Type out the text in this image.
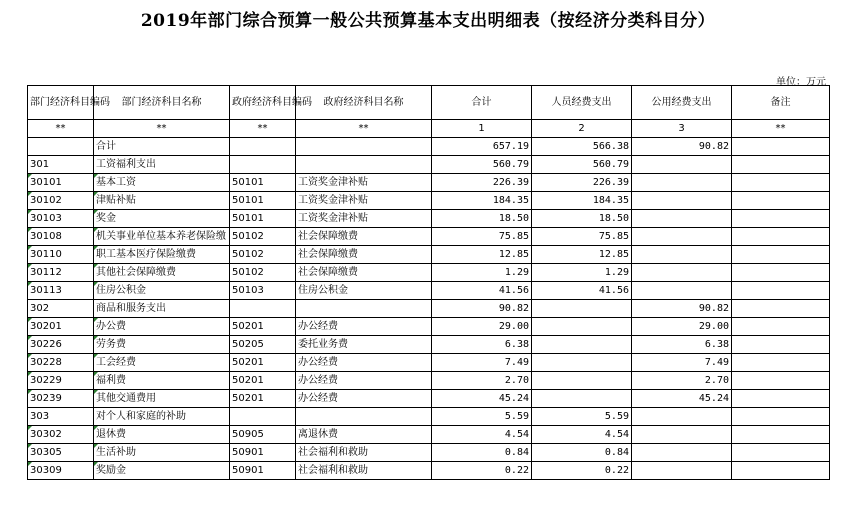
2019年部门综合预算一般公共预算基本支出明细表（按经济分类科目分）
单位：万元
部门经济科目编码	部门经济科目名称	政府经济科目编码	政府经济科目名称	合计	人员经费支出	公用经费支出	备注
**	**	**	**	1	2	3	**
	合计			657.19	566.38	90.82	
301	工资福利支出			560.79	560.79		
30101	基本工资	50101	工资奖金津补贴	226.39	226.39		
30102	津贴补贴	50101	工资奖金津补贴	184.35	184.35		
30103	奖金	50101	工资奖金津补贴	18.50	18.50		
30108	机关事业单位基本养老保险缴	50102	社会保障缴费	75.85	75.85		
30110	职工基本医疗保险缴费	50102	社会保障缴费	12.85	12.85		
30112	其他社会保障缴费	50102	社会保障缴费	1.29	1.29		
30113	住房公积金	50103	住房公积金	41.56	41.56		
302	商品和服务支出			90.82		90.82	
30201	办公费	50201	办公经费	29.00		29.00	
30226	劳务费	50205	委托业务费	6.38		6.38	
30228	工会经费	50201	办公经费	7.49		7.49	
30229	福利费	50201	办公经费	2.70		2.70	
30239	其他交通费用	50201	办公经费	45.24		45.24	
303	对个人和家庭的补助			5.59	5.59		
30302	退休费	50905	离退休费	4.54	4.54		
30305	生活补助	50901	社会福利和救助	0.84	0.84		
30309	奖励金	50901	社会福利和救助	0.22	0.22		
